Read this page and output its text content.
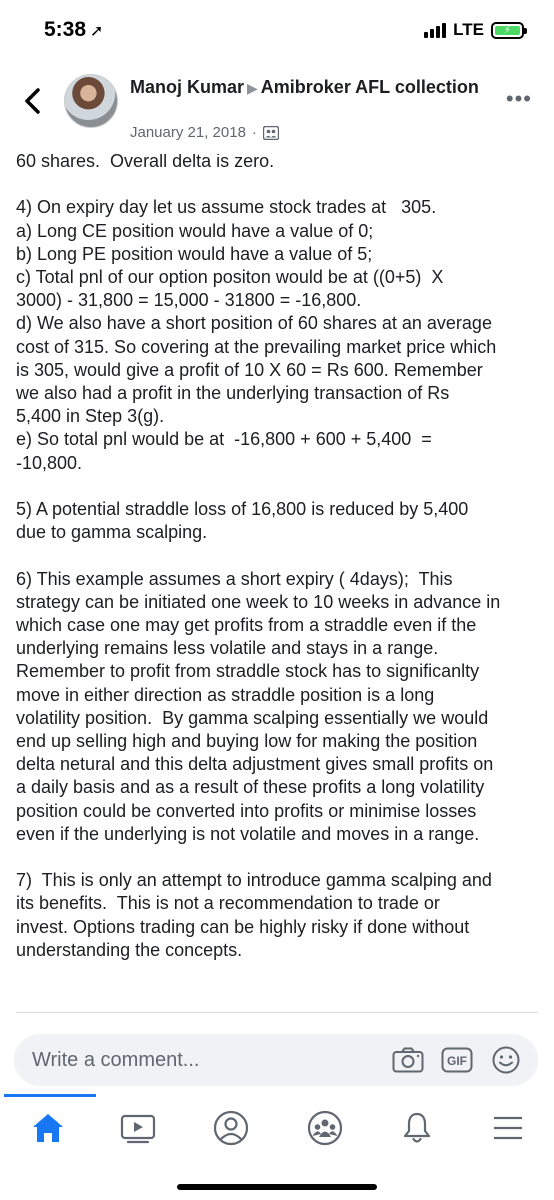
5:38 ➚	LTE	⚡
Manoj Kumar ▶ Amibroker AFL collection
January 21, 2018 ·
•••

60 shares.  Overall delta is zero.

4) On expiry day let us assume stock trades at   305.
a) Long CE position would have a value of 0;
b) Long PE position would have a value of 5;
c) Total pnl of our option positon would be at ((0+5)  X
3000) - 31,800 = 15,000 - 31800 = -16,800.
d) We also have a short position of 60 shares at an average
cost of 315. So covering at the prevailing market price which
is 305, would give a profit of 10 X 60 = Rs 600. Remember
we also had a profit in the underlying transaction of Rs
5,400 in Step 3(g).
e) So total pnl would be at  -16,800 + 600 + 5,400  =
-10,800.

5) A potential straddle loss of 16,800 is reduced by 5,400
due to gamma scalping.

6) This example assumes a short expiry ( 4days);  This
strategy can be initiated one week to 10 weeks in advance in
which case one may get profits from a straddle even if the
underlying remains less volatile and stays in a range.
Remember to profit from straddle stock has to significanlty
move in either direction as straddle position is a long
volatility position.  By gamma scalping essentially we would
end up selling high and buying low for making the position
delta netural and this delta adjustment gives small profits on
a daily basis and as a result of these profits a long volatility
position could be converted into profits or minimise losses
even if the underlying is not volatile and moves in a range.

7)  This is only an attempt to introduce gamma scalping and
its benefits.  This is not a recommendation to trade or
invest. Options trading can be highly risky if done without
understanding the concepts.

Write a comment...	GIF
